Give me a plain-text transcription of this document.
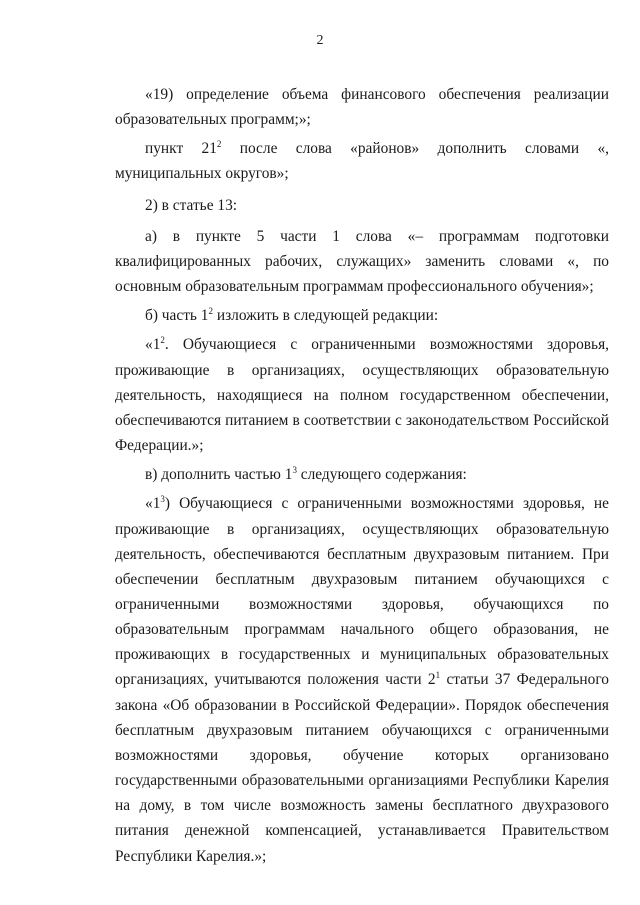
2

«19) определение объема финансового обеспечения реализации образовательных программ;»;

пункт $21^2$ после слова «районов» дополнить словами «, муниципальных округов»;

2) в статье 13:

а) в пункте 5 части 1 слова «– программам подготовки квалифицированных рабочих, служащих» заменить словами «, по основным образовательным программам профессионального обучения»;

б) часть $1^2$ изложить в следующей редакции:

«$1^2$. Обучающиеся с ограниченными возможностями здоровья, проживающие в организациях, осуществляющих образовательную деятельность, находящиеся на полном государственном обеспечении, обеспечиваются питанием в соответствии с законодательством Российской Федерации.»;

в) дополнить частью $1^3$ следующего содержания:

«$1^3$) Обучающиеся с ограниченными возможностями здоровья, не проживающие в организациях, осуществляющих образовательную деятельность, обеспечиваются бесплатным двухразовым питанием. При обеспечении бесплатным двухразовым питанием обучающихся с ограниченными возможностями здоровья, обучающихся по образовательным программам начального общего образования, не проживающих в государственных и муниципальных образовательных организациях, учитываются положения части $2^1$ статьи 37 Федерального закона «Об образовании в Российской Федерации». Порядок обеспечения бесплатным двухразовым питанием обучающихся с ограниченными возможностями здоровья, обучение которых организовано государственными образовательными организациями Республики Карелия на дому, в том числе возможность замены бесплатного двухразового питания денежной компенсацией, устанавливается Правительством Республики Карелия.»;
